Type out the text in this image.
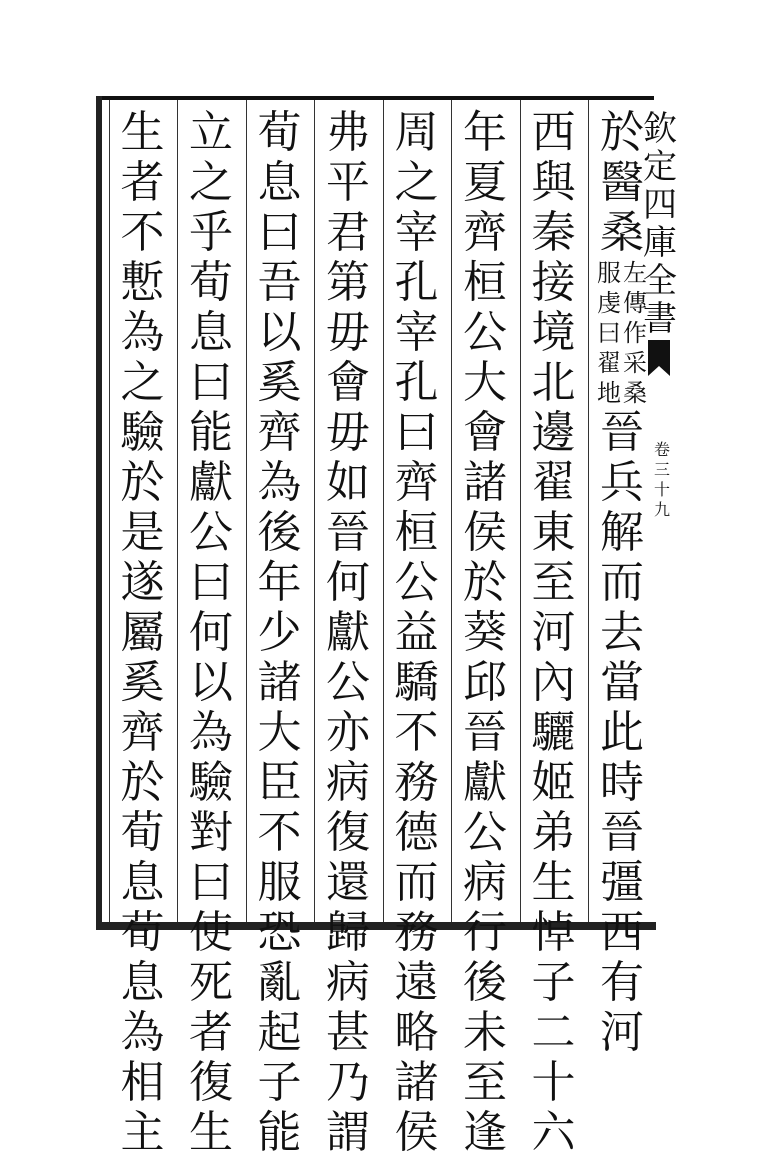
欽
定
四
庫
全
書
卷
三
十
九
於
醫
桑
左
傳
作
服
虔
曰
采
桑
翟
地
晉
兵
解
而
去
當
此
時
晉
彊
西
有
河
西
與
秦
接
境
北
邊
翟
東
至
河
內
驪
姬
弟
生
悼
子
二
十
六
年
夏
齊
桓
公
大
會
諸
侯
於
葵
邱
晉
獻
公
病
行
後
未
至
逢
周
之
宰
孔
宰
孔
曰
齊
桓
公
益
驕
不
務
德
而
務
遠
略
諸
侯
弗
平
君
第
毋
會
毋
如
晉
何
獻
公
亦
病
復
還
歸
病
甚
乃
謂
荀
息
曰
吾
以
奚
齊
為
後
年
少
諸
大
臣
不
服
恐
亂
起
子
能
立
之
乎
荀
息
曰
能
獻
公
曰
何
以
為
驗
對
曰
使
死
者
復
生
生
者
不
慙
為
之
驗
於
是
遂
屬
奚
齊
於
荀
息
荀
息
為
相
主
